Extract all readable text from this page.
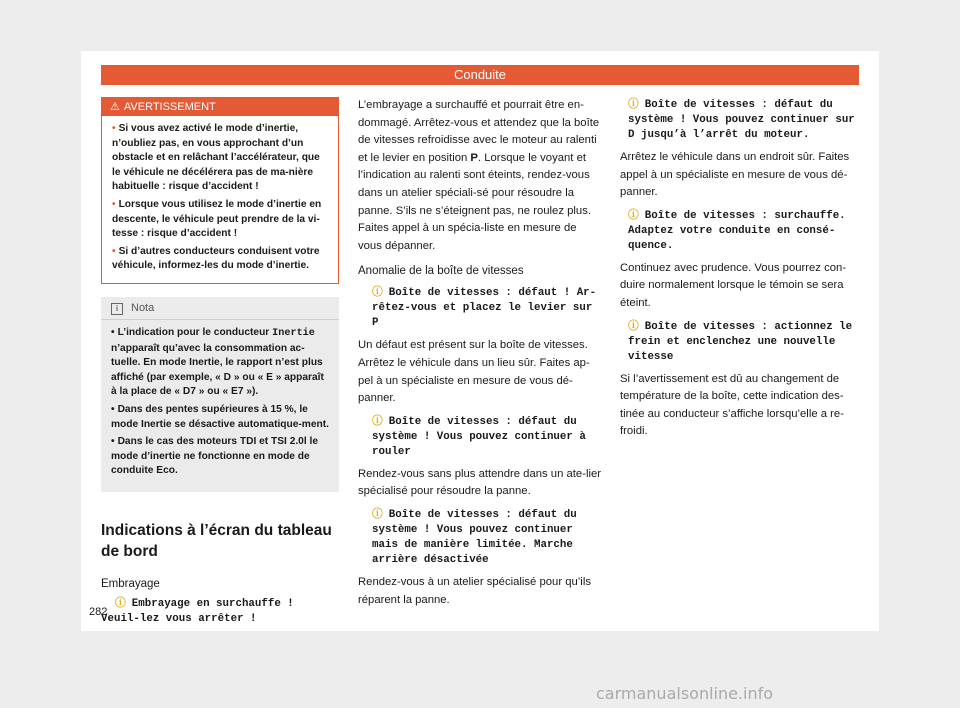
Conduite
⚠ AVERTISSEMENT
• Si vous avez activé le mode d’inertie, n’oubliez pas, en vous approchant d’un obstacle et en relâchant l’accélérateur, que le véhicule ne décélérera pas de ma-nière habituelle : risque d’accident !
• Lorsque vous utilisez le mode d’inertie en descente, le véhicule peut prendre de la vi-tesse : risque d’accident !
• Si d’autres conducteurs conduisent votre véhicule, informez-les du mode d’inertie.
i Nota
• L’indication pour le conducteur Inertie n’apparaît qu’avec la consommation ac-tuelle. En mode Inertie, le rapport n’est plus affiché (par exemple, « D » ou « E » apparaît à la place de « D7 » ou « E7 »).
• Dans des pentes supérieures à 15 %, le mode Inertie se désactive automatique-ment.
• Dans le cas des moteurs TDI et TSI 2.0l le mode d’inertie ne fonctionne en mode de conduite Eco.
Indications à l’écran du tableau de bord
Embrayage
ⓘ Embrayage en surchauffe ! Veuil-lez vous arrêter !

L’embrayage a surchauffé et pourrait être en-dommagé. Arrêtez-vous et attendez que la boîte de vitesses refroidisse avec le moteur au ralenti et le levier en position P. Lorsque le voyant et l’indication au ralenti sont éteints, rendez-vous dans un atelier spéciali-sé pour résoudre la panne. S’ils ne s’éteignent pas, ne roulez plus. Faites appel à un spécia-liste en mesure de vous dépanner.

Anomalie de la boîte de vitesses
ⓘ Boîte de vitesses : défaut ! Ar-rêtez-vous et placez le levier sur P

Un défaut est présent sur la boîte de vitesses. Arrêtez le véhicule dans un lieu sûr. Faites ap-pel à un spécialiste en mesure de vous dé-panner.

ⓘ Boîte de vitesses : défaut du système ! Vous pouvez continuer à rouler

Rendez-vous sans plus attendre dans un ate-lier spécialisé pour résoudre la panne.

ⓘ Boîte de vitesses : défaut du système ! Vous pouvez continuer mais de manière limitée. Marche arrière désactivée

Rendez-vous à un atelier spécialisé pour qu’ils réparent la panne.

ⓘ Boîte de vitesses : défaut du système ! Vous pouvez continuer sur D jusqu’à l’arrêt du moteur.

Arrêtez le véhicule dans un endroit sûr. Faites appel à un spécialiste en mesure de vous dé-panner.

ⓘ Boîte de vitesses : surchauffe. Adaptez votre conduite en consé-quence.

Continuez avec prudence. Vous pourrez con-duire normalement lorsque le témoin se sera éteint.

ⓘ Boîte de vitesses : actionnez le frein et enclenchez une nouvelle vitesse

Si l’avertissement est dû au changement de température de la boîte, cette indication des-tinée au conducteur s’affiche lorsqu’elle a re-froidi.

282
carmanualsonline.info
